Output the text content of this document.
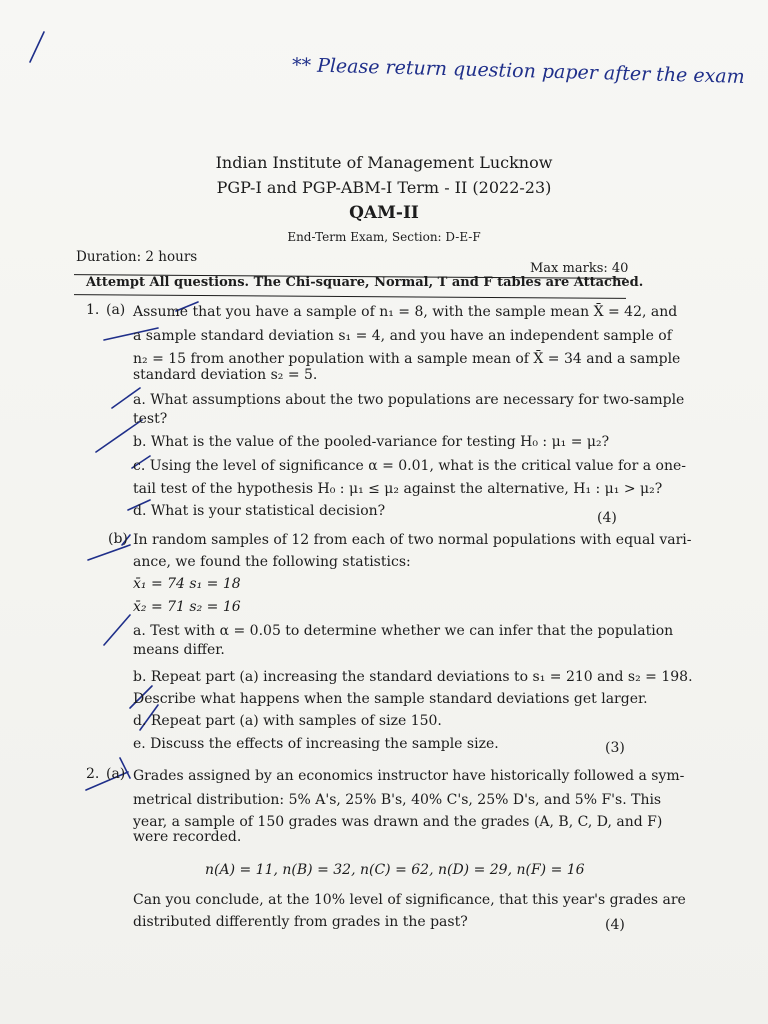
** Please return question paper after the exam
Indian Institute of Management Lucknow
PGP-I and PGP-ABM-I Term - II (2022-23)
QAM-II
End-Term Exam, Section: D-E-F
Duration: 2 hours
Max marks: 40
Attempt All questions. The Chi-square, Normal, T and F tables are Attached.
1. (a) Assume that you have a sample of n₁ = 8, with the sample mean X̄ = 42, and
a sample standard deviation s₁ = 4, and you have an independent sample of
n₂ = 15 from another population with a sample mean of X̄ = 34 and a sample
standard deviation s₂ = 5.
a. What assumptions about the two populations are necessary for two-sample
test?
b. What is the value of the pooled-variance for testing H₀ : μ₁ = μ₂?
c. Using the level of significance α = 0.01, what is the critical value for a one-
tail test of the hypothesis H₀ : μ₁ ≤ μ₂ against the alternative, H₁ : μ₁ > μ₂?
d. What is your statistical decision?	(4)
(b) In random samples of 12 from each of two normal populations with equal vari-
ance, we found the following statistics:
x̄₁ = 74 s₁ = 18
x̄₂ = 71 s₂ = 16
a. Test with α = 0.05 to determine whether we can infer that the population
means differ.
b. Repeat part (a) increasing the standard deviations to s₁ = 210 and s₂ = 198.
Describe what happens when the sample standard deviations get larger.
d. Repeat part (a) with samples of size 150.
e. Discuss the effects of increasing the sample size.	(3)
2. (a) Grades assigned by an economics instructor have historically followed a sym-
metrical distribution: 5% A's, 25% B's, 40% C's, 25% D's, and 5% F's. This
year, a sample of 150 grades was drawn and the grades (A, B, C, D, and F)
were recorded.
n(A) = 11, n(B) = 32, n(C) = 62, n(D) = 29, n(F) = 16
Can you conclude, at the 10% level of significance, that this year's grades are
distributed differently from grades in the past?	(4)
